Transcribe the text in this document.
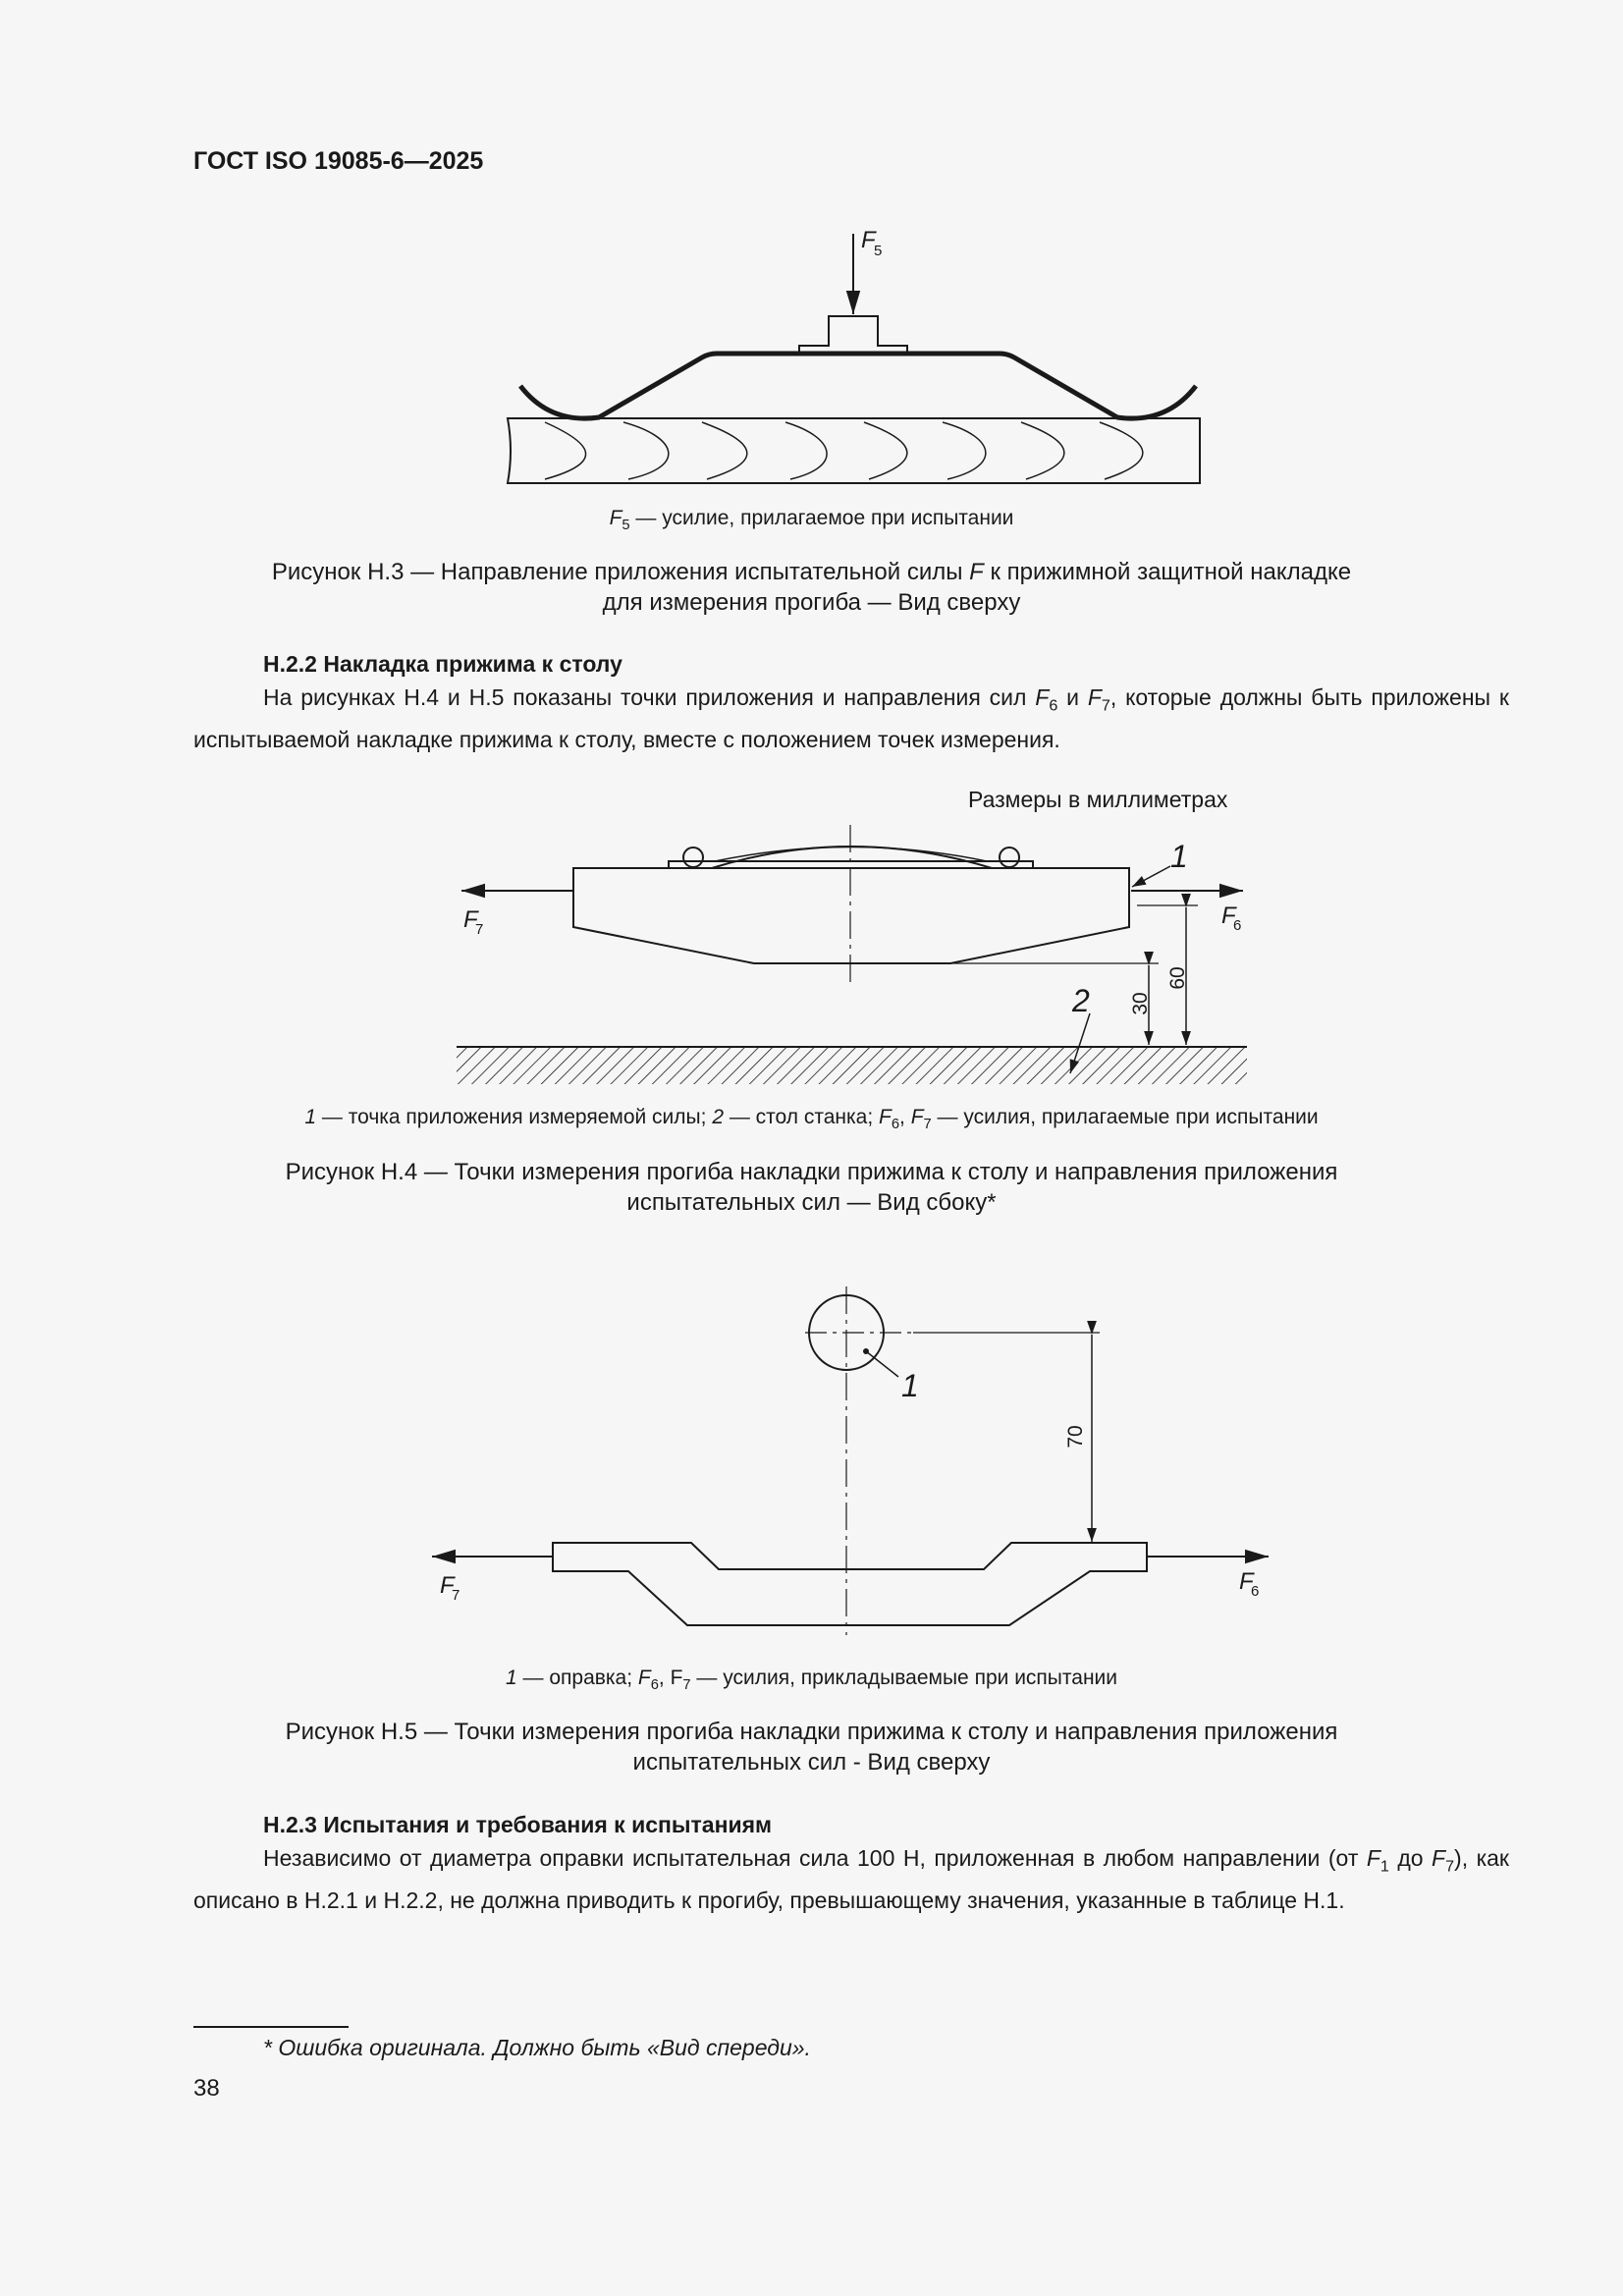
ГОСТ ISO 19085-6—2025
F
5
1
2
F
7
F
6
60
30
1
70
F
7
F
6
$F_5$ — усилие, прилагаемое при испытании
Рисунок Н.3 — Направление приложения испытательной силы F к прижимной защитной накладке
для измерения прогиба — Вид сверху
Н.2.2 Накладка прижима к столу
На рисунках Н.4 и Н.5 показаны точки приложения и направления сил $F_6$ и $F_7$, которые должны быть приложены к испытываемой накладке прижима к столу, вместе с положением точек измерения.
Размеры в миллиметрах
1 — точка приложения измеряемой силы; 2 — стол станка; $F_6$, $F_7$ — усилия, прилагаемые при испытании
Рисунок Н.4 — Точки измерения прогиба накладки прижима к столу и направления приложения
испытательных сил — Вид сбоку*
1 — оправка; $F_6$, $F_7$ — усилия, прикладываемые при испытании
Рисунок Н.5 — Точки измерения прогиба накладки прижима к столу и направления приложения
испытательных сил - Вид сверху
Н.2.3 Испытания и требования к испытаниям
Независимо от диаметра оправки испытательная сила 100 Н, приложенная в любом направлении (от $F_1$ до $F_7$), как описано в Н.2.1 и Н.2.2, не должна приводить к прогибу, превышающему значения, указанные в таблице Н.1.
* Ошибка оригинала. Должно быть «Вид спереди».
38
